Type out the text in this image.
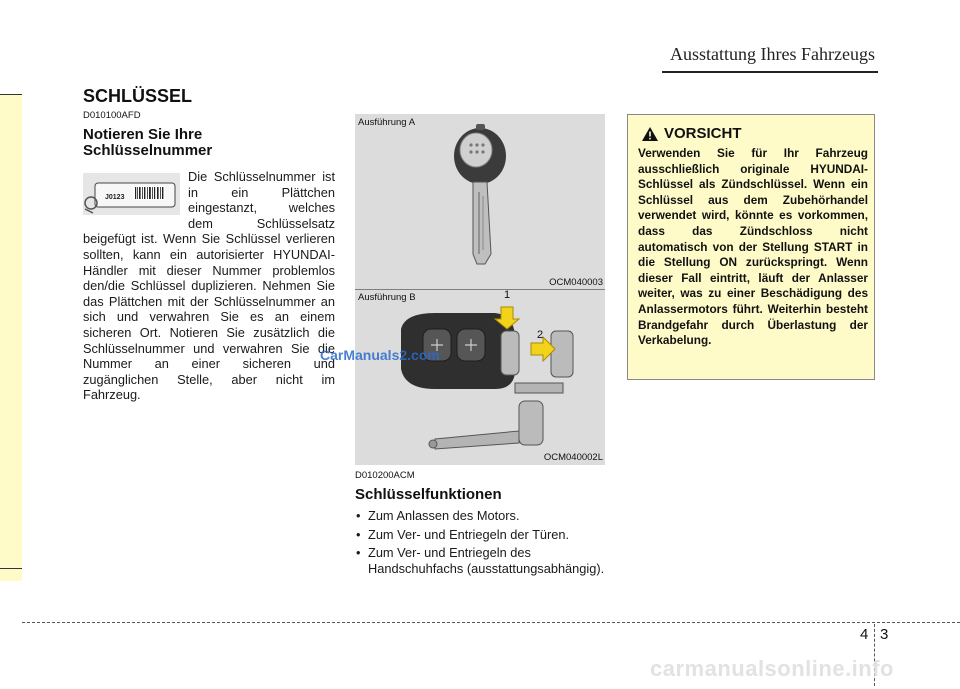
Ausstattung Ihres Fahrzeugs
SCHLÜSSEL
D010100AFD
Notieren Sie Ihre Schlüsselnummer
J0123
Die Schlüsselnummer ist in ein Plättchen eingestanzt, welches dem Schlüsselsatz beigefügt ist. Wenn Sie Schlüssel verlieren sollten, kann ein autorisierter HYUNDAI-Händler mit dieser Nummer problemlos den/die Schlüssel duplizieren. Nehmen Sie das Plättchen mit der Schlüsselnummer an sich und verwahren Sie es an einem sicheren Ort. Notieren Sie zusätzlich die Schlüsselnummer und verwahren Sie die Nummer an einer sicheren und zugänglichen Stelle, aber nicht im Fahrzeug.
Ausführung A
OCM040003
Ausführung B	1
2
OCM040002L
D010200ACM
Schlüsselfunktionen
• Zum Anlassen des Motors.
• Zum Ver- und Entriegeln der Türen.
• Zum Ver- und Entriegeln des Handschuhfachs (ausstattungsabhängig).
VORSICHT
Verwenden Sie für Ihr Fahrzeug ausschließlich originale HYUNDAI-Schlüssel als Zündschlüssel. Wenn ein Schlüssel aus dem Zubehörhandel verwendet wird, könnte es vorkommen, dass das Zündschloss nicht automatisch von der Stellung START in die Stellung ON zurückspringt. Wenn dieser Fall eintritt, läuft der Anlasser weiter, was zu einer Beschädigung des Anlassermotors führt. Weiterhin besteht Brandgefahr durch Überlastung der Verkabelung.
CarManuals2.com
4 3
carmanualsonline.info
